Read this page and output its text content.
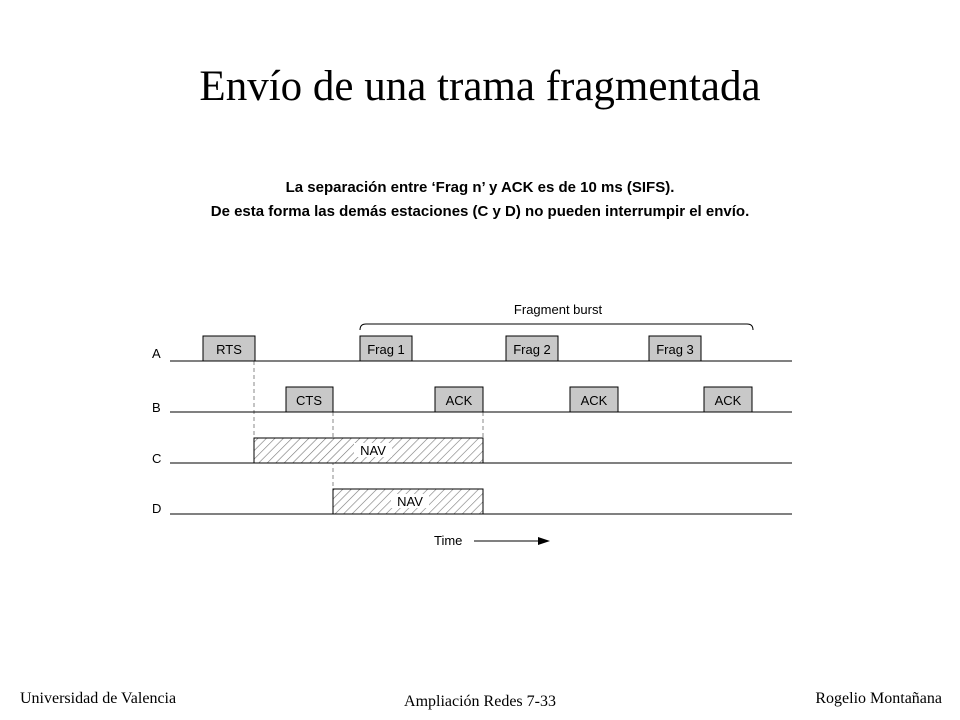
Envío de una trama fragmentada
La separación entre ‘Frag n’ y ACK es de 10 ms (SIFS).
De esta forma las demás estaciones (C y D) no pueden interrumpir el envío.
Fragment burst
A
B
C
D
RTS	Frag 1	Frag 2	Frag 3
CTS	ACK	ACK	ACK
NAV
NAV
Time
Universidad de Valencia	Ampliación Redes 7-33	Rogelio Montañana
